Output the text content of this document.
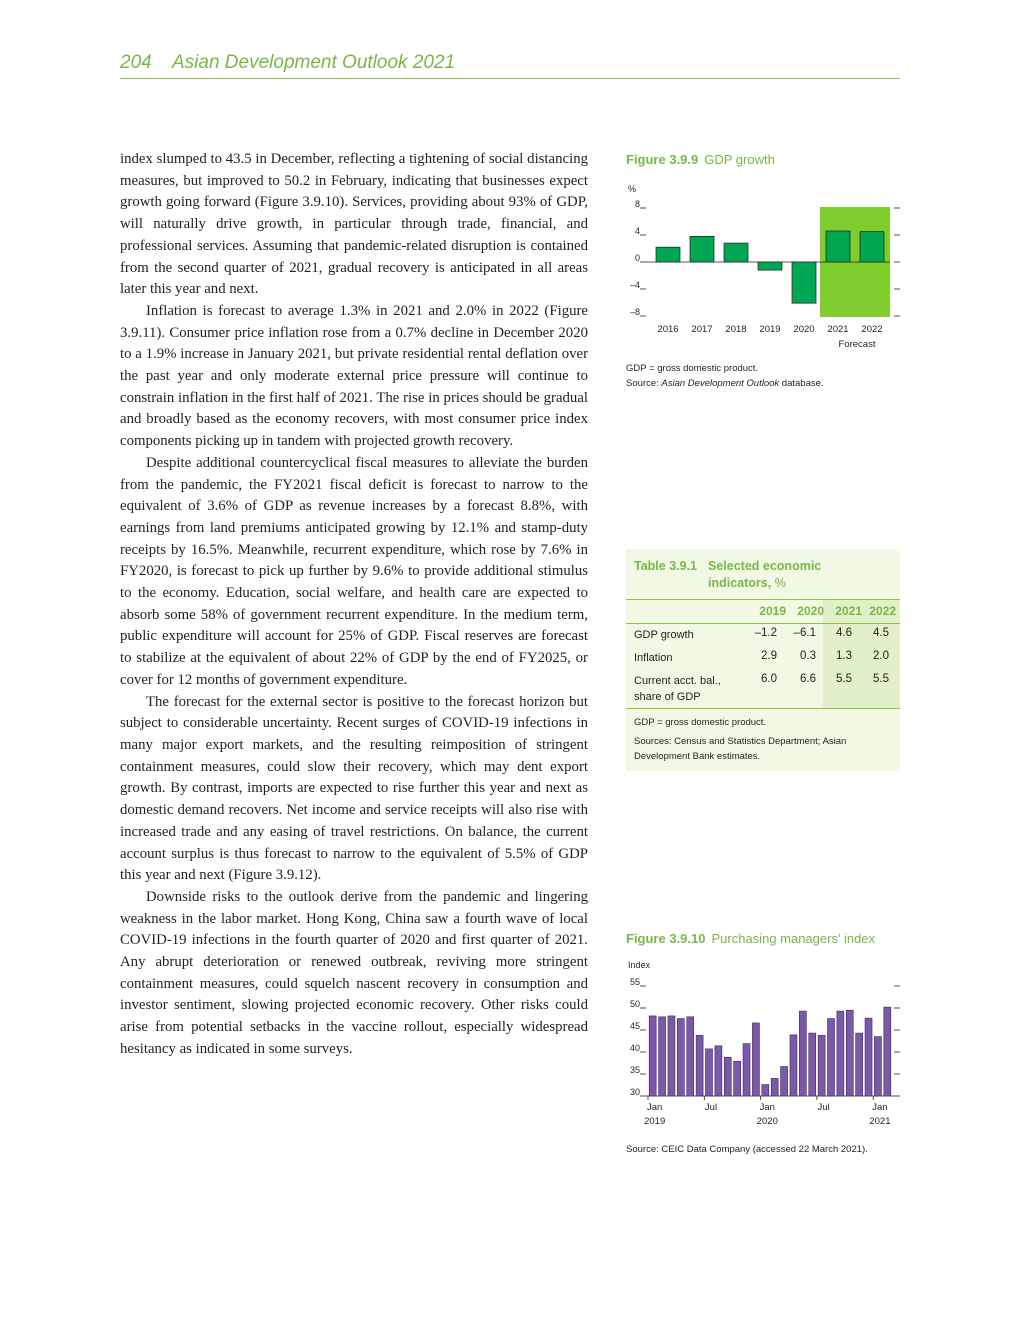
204 Asian Development Outlook 2021

index slumped to 43.5 in December, reflecting a tightening of social distancing measures, but improved to 50.2 in February, indicating that businesses expect growth going forward (Figure 3.9.10). Services, providing about 93% of GDP, will naturally drive growth, in particular through trade, financial, and professional services. Assuming that pandemic-related disruption is contained from the second quarter of 2021, gradual recovery is anticipated in all areas later this year and next.

Inflation is forecast to average 1.3% in 2021 and 2.0% in 2022 (Figure 3.9.11). Consumer price inflation rose from a 0.7% decline in December 2020 to a 1.9% increase in January 2021, but private residential rental deflation over the past year and only moderate external price pressure will continue to constrain inflation in the first half of 2021. The rise in prices should be gradual and broadly based as the economy recovers, with most consumer price index components picking up in tandem with projected growth recovery.

Despite additional countercyclical fiscal measures to alleviate the burden from the pandemic, the FY2021 fiscal deficit is forecast to narrow to the equivalent of 3.6% of GDP as revenue increases by a forecast 8.8%, with earnings from land premiums anticipated growing by 12.1% and stamp-duty receipts by 16.5%. Meanwhile, recurrent expenditure, which rose by 7.6% in FY2020, is forecast to pick up further by 9.6% to provide additional stimulus to the economy. Education, social welfare, and health care are expected to absorb some 58% of government recurrent expenditure. In the medium term, public expenditure will account for 25% of GDP. Fiscal reserves are forecast to stabilize at the equivalent of about 22% of GDP by the end of FY2025, or cover for 12 months of government expenditure.

The forecast for the external sector is positive to the forecast horizon but subject to considerable uncertainty. Recent surges of COVID-19 infections in many major export markets, and the resulting reimposition of stringent containment measures, could slow their recovery, which may dent export growth. By contrast, imports are expected to rise further this year and next as domestic demand recovers. Net income and service receipts will also rise with increased trade and any easing of travel restrictions. On balance, the current account surplus is thus forecast to narrow to the equivalent of 5.5% of GDP this year and next (Figure 3.9.12).

Downside risks to the outlook derive from the pandemic and lingering weakness in the labor market. Hong Kong, China saw a fourth wave of local COVID-19 infections in the fourth quarter of 2020 and first quarter of 2021. Any abrupt deterioration or renewed outbreak, reviving more stringent containment measures, could squelch nascent recovery in consumption and investor sentiment, slowing projected economic recovery. Other risks could arise from potential setbacks in the vaccine rollout, especially widespread hesitancy as indicated in some surveys.

Figure 3.9.9 GDP growth
%
8
4
0
–4
–8
2016 2017 2018 2019 2020 2021 2022
Forecast
GDP = gross domestic product.
Source: Asian Development Outlook database.
Table 3.9.1 Selected economic indicators, %
2019 2020 2021 2022
GDP growth	–1.2	–6.1	4.6	4.5
Inflation	2.9	0.3	1.3	2.0
Current acct. bal., share of GDP
6.0	6.6	5.5	5.5
GDP = gross domestic product.
Sources: Census and Statistics Department; Asian Development Bank estimates.
Figure 3.9.10 Purchasing managers’ index
Index
55
50
45
40
35
30
Jan
2019
Jul	Jan
2020
Jul	Jan
2021
Source: CEIC Data Company (accessed 22 March 2021).
